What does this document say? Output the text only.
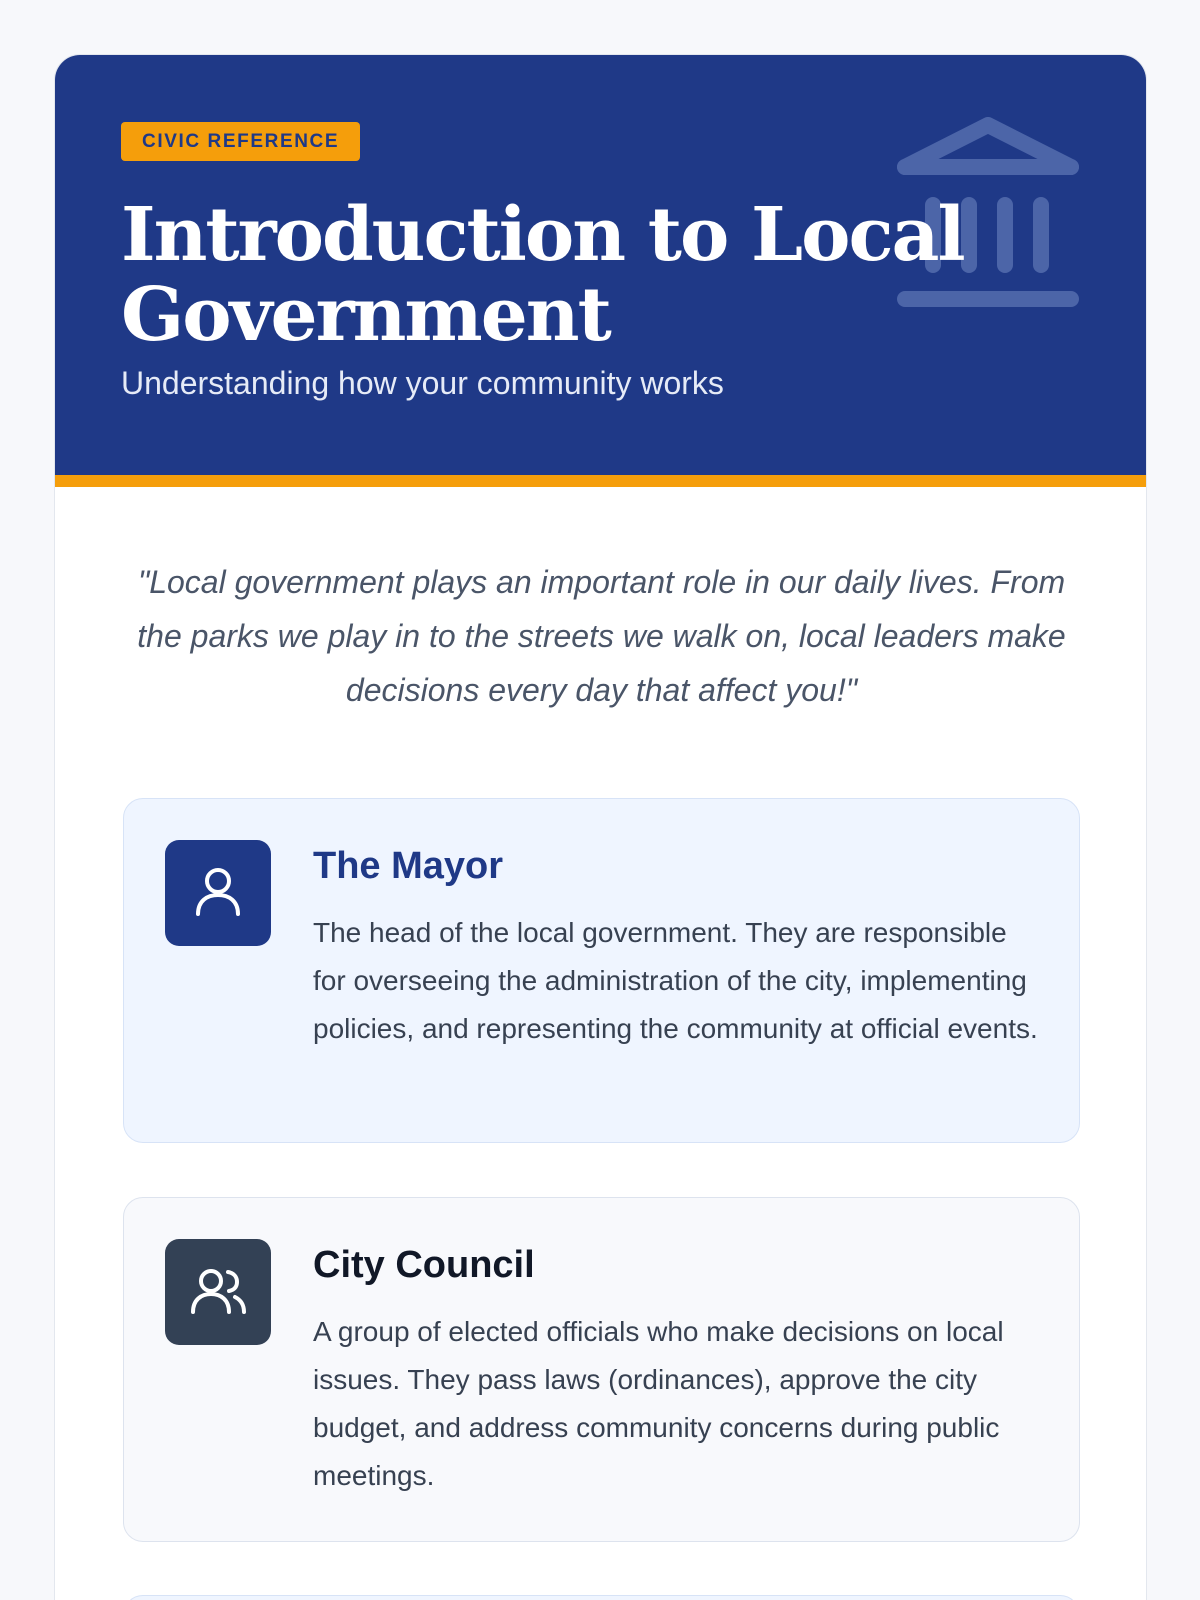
CIVIC REFERENCE
Introduction to Local Government
Understanding how your community works

"Local government plays an important role in our daily lives. From the parks we play in to the streets we walk on, local leaders make decisions every day that affect you!"

The Mayor

The head of the local government. They are responsible for overseeing the administration of the city, implementing policies, and representing the community at official events.

City Council

A group of elected officials who make decisions on local issues. They pass laws (ordinances), approve the city budget, and address community concerns during public meetings.
